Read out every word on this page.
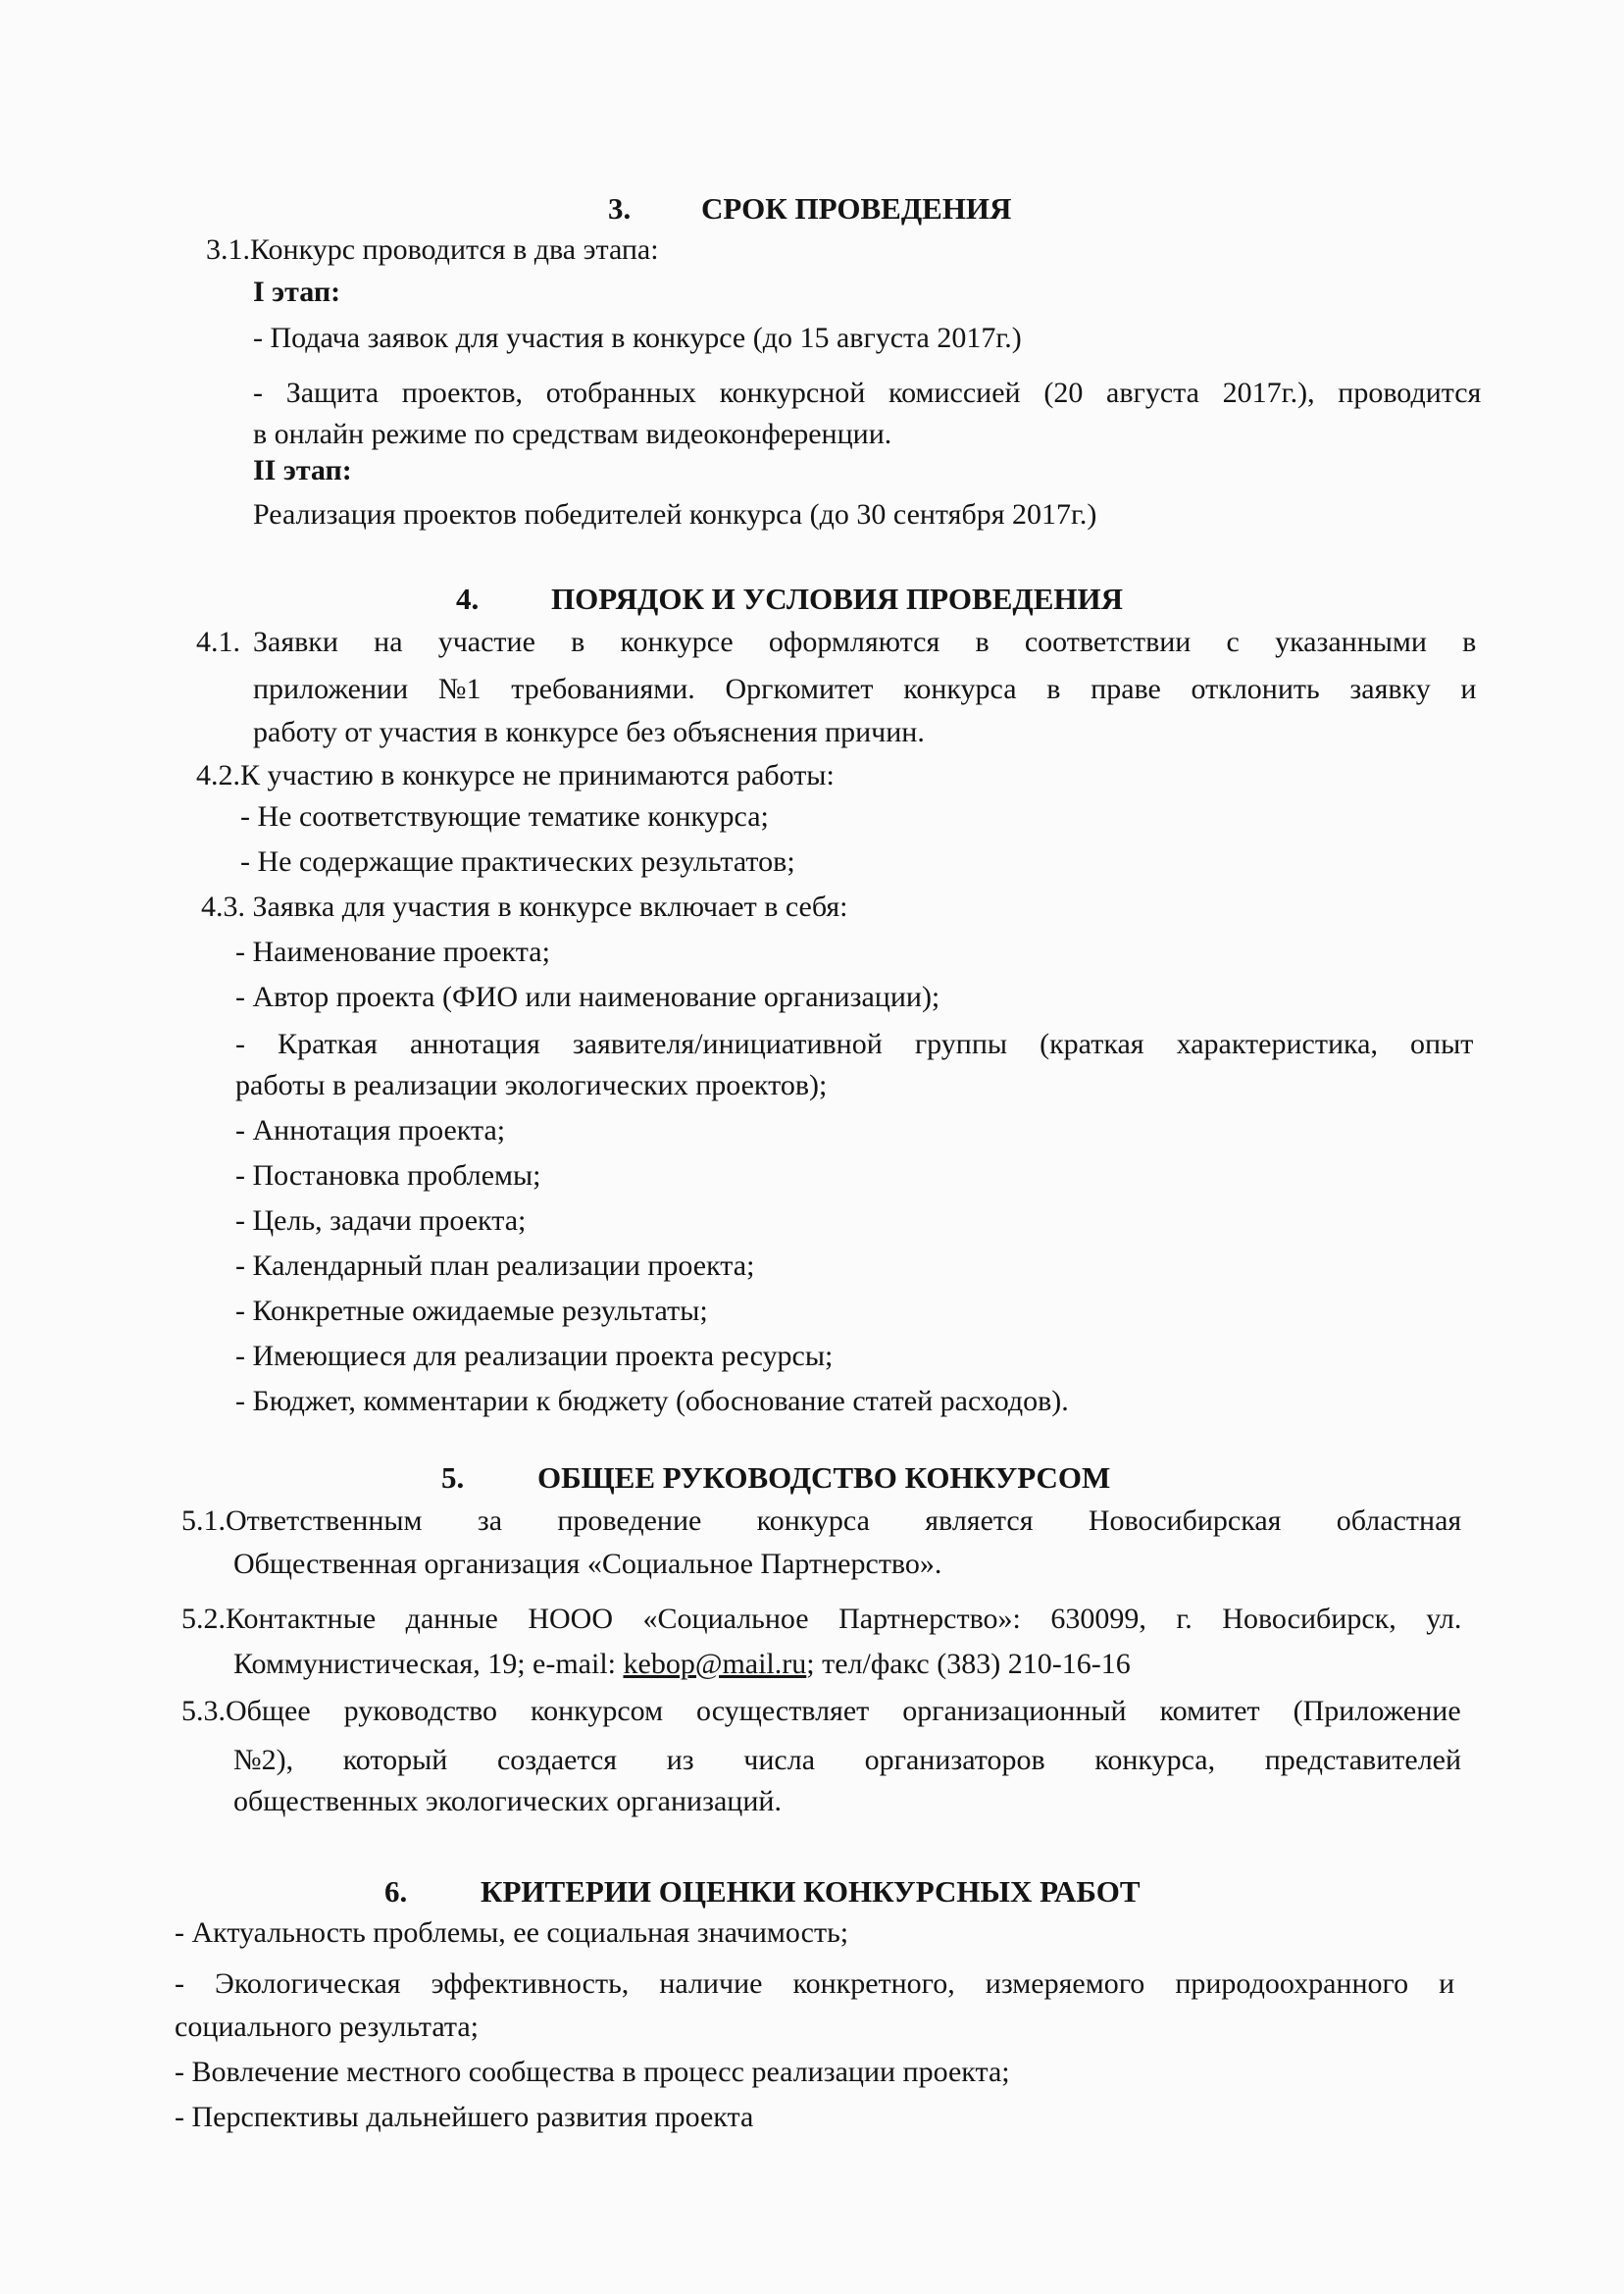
3. СРОК ПРОВЕДЕНИЯ
3.1.Конкурс проводится в два этапа:
I этап:
- Подача заявок для участия в конкурсе (до 15 августа 2017г.)
- Защита проектов, отобранных конкурсной комиссией (20 августа 2017г.), проводится
в онлайн режиме по средствам видеоконференции.
II этап:
Реализация проектов победителей конкурса (до 30 сентября 2017г.)
4. ПОРЯДОК И УСЛОВИЯ ПРОВЕДЕНИЯ
4.1. Заявки на участие в конкурсе оформляются в соответствии с указанными в
приложении №1 требованиями. Оргкомитет конкурса в праве отклонить заявку и
работу от участия в конкурсе без объяснения причин.
4.2.К участию в конкурсе не принимаются работы:
- Не соответствующие тематике конкурса;
- Не содержащие практических результатов;
4.3. Заявка для участия в конкурсе включает в себя:
- Наименование проекта;
- Автор проекта (ФИО или наименование организации);
- Краткая аннотация заявителя/инициативной группы (краткая характеристика, опыт
работы в реализации экологических проектов);
- Аннотация проекта;
- Постановка проблемы;
- Цель, задачи проекта;
- Календарный план реализации проекта;
- Конкретные ожидаемые результаты;
- Имеющиеся для реализации проекта ресурсы;
- Бюджет, комментарии к бюджету (обоснование статей расходов).
5. ОБЩЕЕ РУКОВОДСТВО КОНКУРСОМ
5.1.Ответственным за проведение конкурса является Новосибирская областная
Общественная организация «Социальное Партнерство».
5.2.Контактные данные НООО «Социальное Партнерство»: 630099, г. Новосибирск, ул.
Коммунистическая, 19; e-mail: kebop@mail.ru; тел/факс (383) 210-16-16
5.3.Общее руководство конкурсом осуществляет организационный комитет (Приложение
№2), который создается из числа организаторов конкурса, представителей
общественных экологических организаций.
6. КРИТЕРИИ ОЦЕНКИ КОНКУРСНЫХ РАБОТ
- Актуальность проблемы, ее социальная значимость;
- Экологическая эффективность, наличие конкретного, измеряемого природоохранного и
социального результата;
- Вовлечение местного сообщества в процесс реализации проекта;
- Перспективы дальнейшего развития проекта
